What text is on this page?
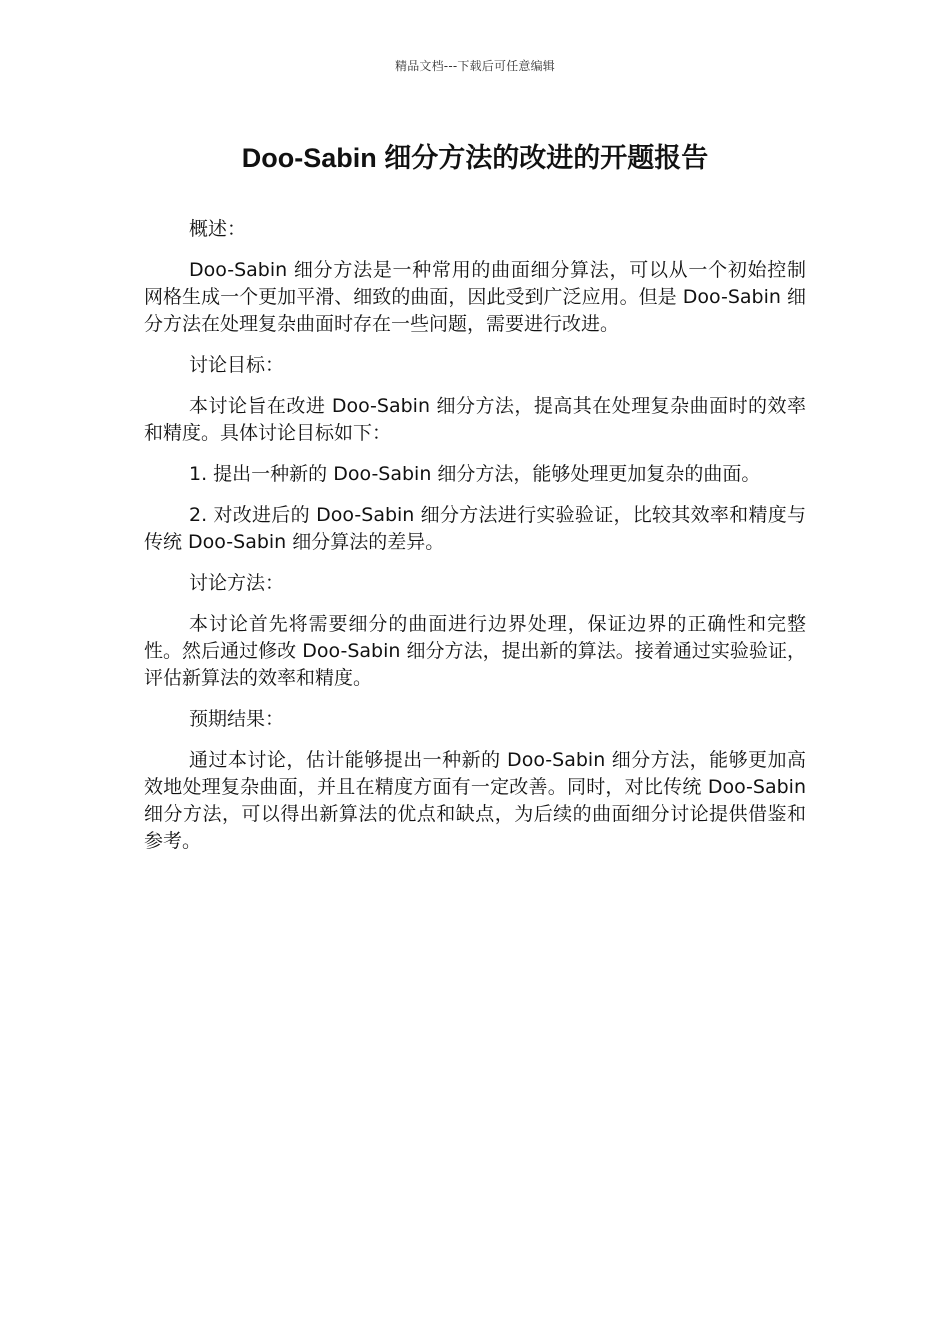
精品文档---下载后可任意编辑
Doo-Sabin 细分方法的改进的开题报告

概述：

Doo-Sabin 细分方法是一种常用的曲面细分算法，可以从一个初始控制网格生成一个更加平滑、细致的曲面，因此受到广泛应用。但是 Doo-Sabin 细分方法在处理复杂曲面时存在一些问题，需要进行改进。

讨论目标：

本讨论旨在改进 Doo-Sabin 细分方法，提高其在处理复杂曲面时的效率和精度。具体讨论目标如下：

1. 提出一种新的 Doo-Sabin 细分方法，能够处理更加复杂的曲面。

2. 对改进后的 Doo-Sabin 细分方法进行实验验证，比较其效率和精度与传统 Doo-Sabin 细分算法的差异。

讨论方法：

本讨论首先将需要细分的曲面进行边界处理，保证边界的正确性和完整性。然后通过修改 Doo-Sabin 细分方法，提出新的算法。接着通过实验验证，评估新算法的效率和精度。

预期结果：

通过本讨论，估计能够提出一种新的 Doo-Sabin 细分方法，能够更加高效地处理复杂曲面，并且在精度方面有一定改善。同时，对比传统 Doo-Sabin 细分方法，可以得出新算法的优点和缺点，为后续的曲面细分讨论提供借鉴和参考。
